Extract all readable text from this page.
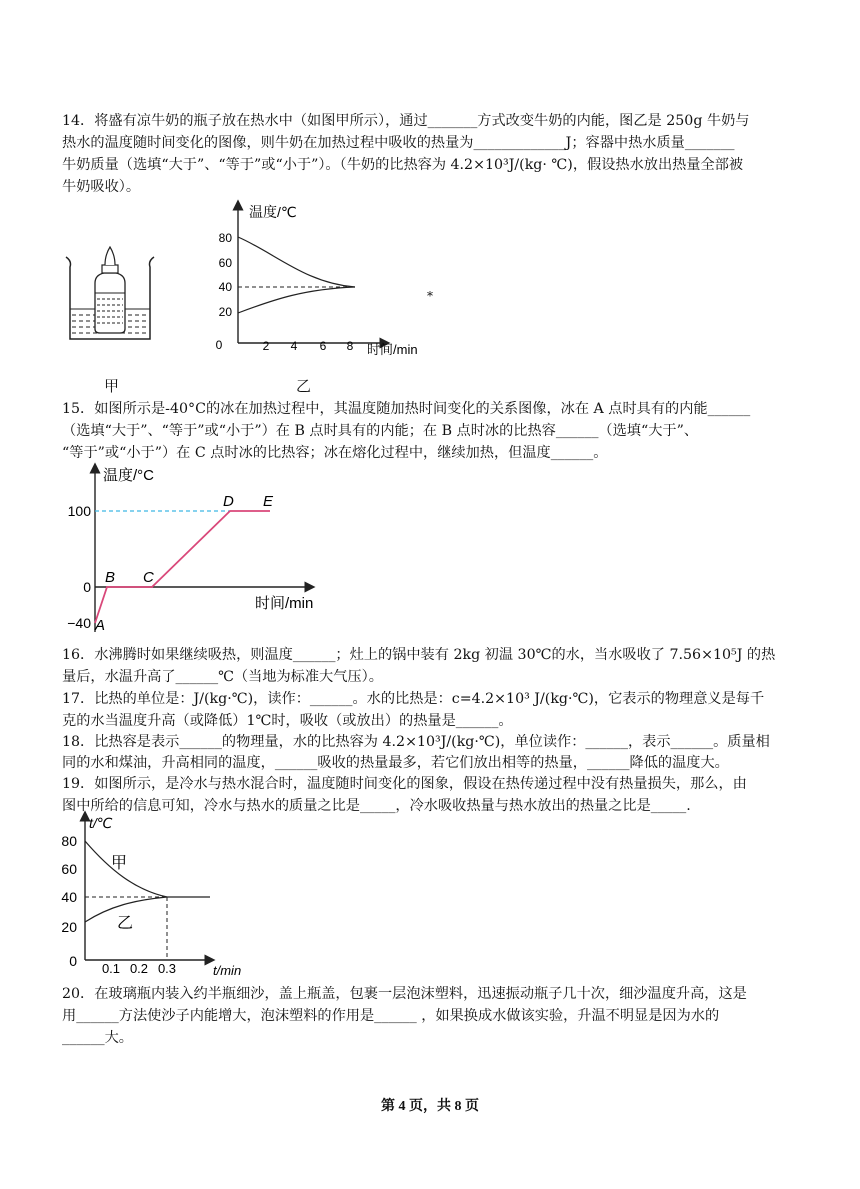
14．将盛有凉牛奶的瓶子放在热水中（如图甲所示），通过_______方式改变牛奶的内能，图乙是 250g 牛奶与
热水的温度随时间变化的图像，则牛奶在加热过程中吸收的热量为_____________J；容器中热水质量_______
牛奶质量（选填“大于”、“等于”或“小于”）。（牛奶的比热容为 4.2×10³J/(kg· ℃)，假设热水放出热量全部被
牛奶吸收）。
甲
温度/℃
时间/min
80
60
40
20
0	2 4 6 8
乙
*
15．如图所示是-40°C的冰在加热过程中，其温度随加热时间变化的关系图像，冰在 A 点时具有的内能______
（选填“大于”、“等于”或“小于”）在 B 点时具有的内能；在 B 点时冰的比热容______（选填“大于”、
“等于”或“小于”）在 C 点时冰的比热容；冰在熔化过程中，继续加热，但温度______。
温度/°C
时间/min
100
0
−40 A
B C
D E
16．水沸腾时如果继续吸热，则温度______；灶上的锅中装有 2kg 初温 30℃的水，当水吸收了 7.56×10⁵J 的热
量后，水温升高了______℃（当地为标准大气压）。
17．比热的单位是：J/(kg·℃)，读作：______。水的比热是：c=4.2×10³ J/(kg·℃)，它表示的物理意义是每千
克的水当温度升高（或降低）1℃时，吸收（或放出）的热量是______。
18．比热容是表示______的物理量，水的比热容为 4.2×10³J/(kg·℃)，单位读作：______，表示______。质量相
同的水和煤油，升高相同的温度，______吸收的热量最多，若它们放出相等的热量，______降低的温度大。
19．如图所示，是冷水与热水混合时，温度随时间变化的图象，假设在热传递过程中没有热量损失，那么，由
图中所给的信息可知，冷水与热水的质量之比是_____，冷水吸收热量与热水放出的热量之比是_____.
t/℃
t/min
80
60
40
20
0 0.1 0.2 0.3
甲
乙
20．在玻璃瓶内装入约半瓶细沙，盖上瓶盖，包裹一层泡沫塑料，迅速振动瓶子几十次，细沙温度升高，这是
用______方法使沙子内能增大，泡沫塑料的作用是______ ，如果换成水做该实验，升温不明显是因为水的
______大。
第 4 页，共 8 页
